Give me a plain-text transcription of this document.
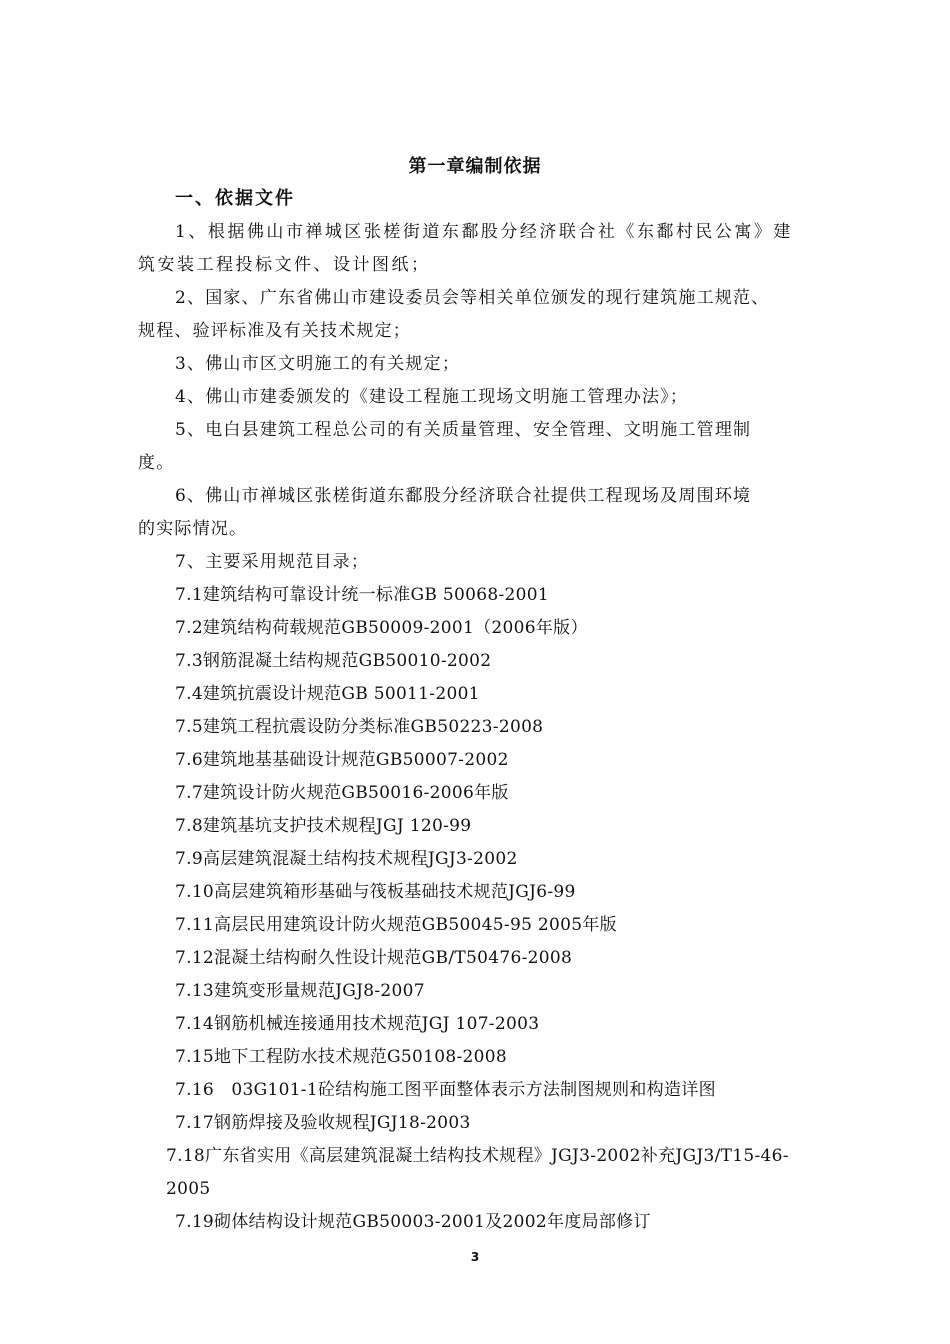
第一章编制依据
一、依据文件
1、根据佛山市禅城区张槎街道东鄱股分经济联合社《东鄱村民公寓》建
筑安装工程投标文件、设计图纸；
2、国家、广东省佛山市建设委员会等相关单位颁发的现行建筑施工规范、
规程、验评标准及有关技术规定；
3、佛山市区文明施工的有关规定；
4、佛山市建委颁发的《建设工程施工现场文明施工管理办法》；
5、电白县建筑工程总公司的有关质量管理、安全管理、文明施工管理制
度。
6、佛山市禅城区张槎街道东鄱股分经济联合社提供工程现场及周围环境
的实际情况。
7、主要采用规范目录；
7.1建筑结构可靠设计统一标准GB 50068-2001
7.2建筑结构荷载规范GB50009-2001（2006年版）
7.3钢筋混凝土结构规范GB50010-2002
7.4建筑抗震设计规范GB 50011-2001
7.5建筑工程抗震设防分类标准GB50223-2008
7.6建筑地基基础设计规范GB50007-2002
7.7建筑设计防火规范GB50016-2006年版
7.8建筑基坑支护技术规程JGJ 120-99
7.9高层建筑混凝土结构技术规程JGJ3-2002
7.10高层建筑箱形基础与筏板基础技术规范JGJ6-99
7.11高层民用建筑设计防火规范GB50045-95 2005年版
7.12混凝土结构耐久性设计规范GB/T50476-2008
7.13建筑变形量规范JGJ8-2007
7.14钢筋机械连接通用技术规范JGJ 107-2003
7.15地下工程防水技术规范G50108-2008
7.16　03G101-1砼结构施工图平面整体表示方法制图规则和构造详图
7.17钢筋焊接及验收规程JGJ18-2003
7.18广东省实用《高层建筑混凝土结构技术规程》JGJ3-2002补充JGJ3/T15-46-
2005
7.19砌体结构设计规范GB50003-2001及2002年度局部修订
3
